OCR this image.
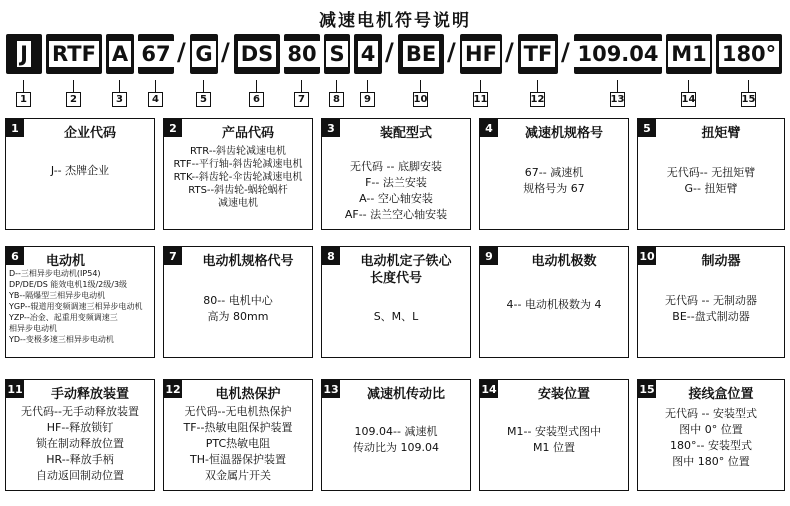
减速电机符号说明
J RTF A 67 / G / DS 80 S 4 / BE / HF / TF / 109.04 M1 180°
1	2	3	4	5	6	7	8	9	10	11	12	13	14	15
1	企业代码
J-- 杰牌企业
2	产品代码
RTR--斜齿轮减速电机
RTF--平行轴-斜齿轮减速电机
RTK--斜齿轮-伞齿轮减速电机
RTS--斜齿轮-蜗轮蜗杆
减速电机
3	装配型式
无代码 -- 底脚安装
F-- 法兰安装
A-- 空心轴安装
AF-- 法兰空心轴安装
4	减速机规格号
67-- 减速机
规格号为 67
5	扭矩臂
无代码-- 无扭矩臂
G-- 扭矩臂
6	电动机
D--三相异步电动机(IP54)
DP/DE/DS 能效电机1级/2级/3级
YB--隔爆型三相异步电动机
YGP--辊道用变频调速三相异步电动机
YZP--冶金、起重用变频调速三
相异步电动机
YD--变极多速三相异步电动机
7	电动机规格代号
80-- 电机中心
高为 80mm
8	电动机定子铁心
长度代号
S、M、L
9	电动机极数
4-- 电动机极数为 4
10	制动器
无代码 -- 无制动器
BE--盘式制动器
11	手动释放装置
无代码--无手动释放装置
HF--释放锁钉
锁在制动释放位置
HR--释放手柄
自动返回制动位置
12	电机热保护
无代码--无电机热保护
TF--热敏电阻保护装置
PTC热敏电阻
TH-恒温器保护装置
双金属片开关
13	减速机传动比
109.04-- 减速机
传动比为 109.04
14	安装位置
M1-- 安装型式图中
M1 位置
15	接线盒位置
无代码 -- 安装型式
图中 0° 位置
180°-- 安装型式
图中 180° 位置
